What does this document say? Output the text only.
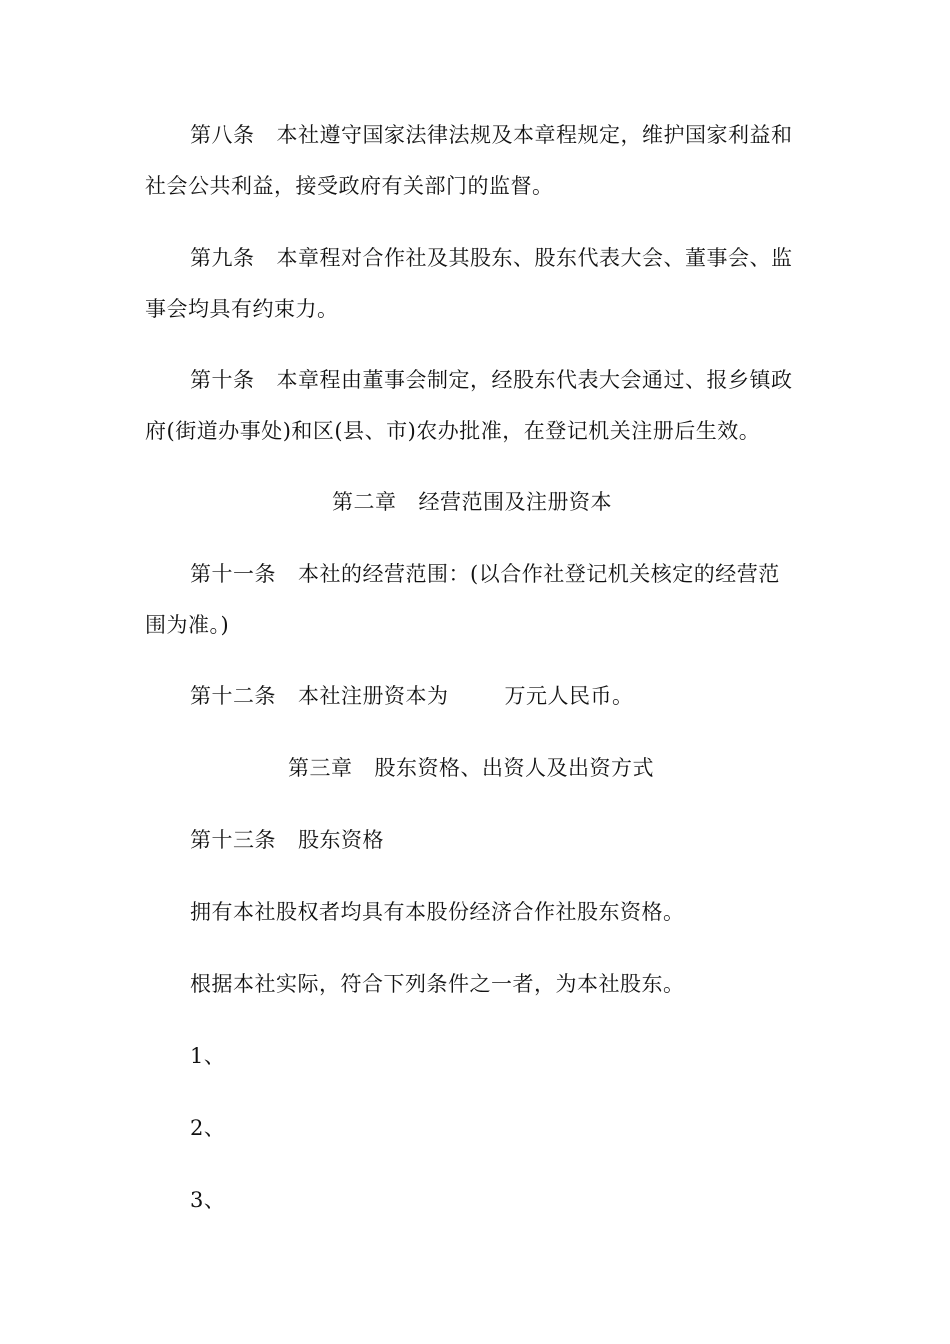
第八条 本社遵守国家法律法规及本章程规定，维护国家利益和
社会公共利益，接受政府有关部门的监督。
第九条 本章程对合作社及其股东、股东代表大会、董事会、监
事会均具有约束力。
第十条 本章程由董事会制定，经股东代表大会通过、报乡镇政
府(街道办事处)和区(县、市)农办批准，在登记机关注册后生效。
第二章 经营范围及注册资本
第十一条 本社的经营范围：(以合作社登记机关核定的经营范
围为准。)
第十二条 本社注册资本为	万元人民币。
第三章 股东资格、出资人及出资方式
第十三条 股东资格
拥有本社股权者均具有本股份经济合作社股东资格。
根据本社实际，符合下列条件之一者，为本社股东。
1、
2、
3、
